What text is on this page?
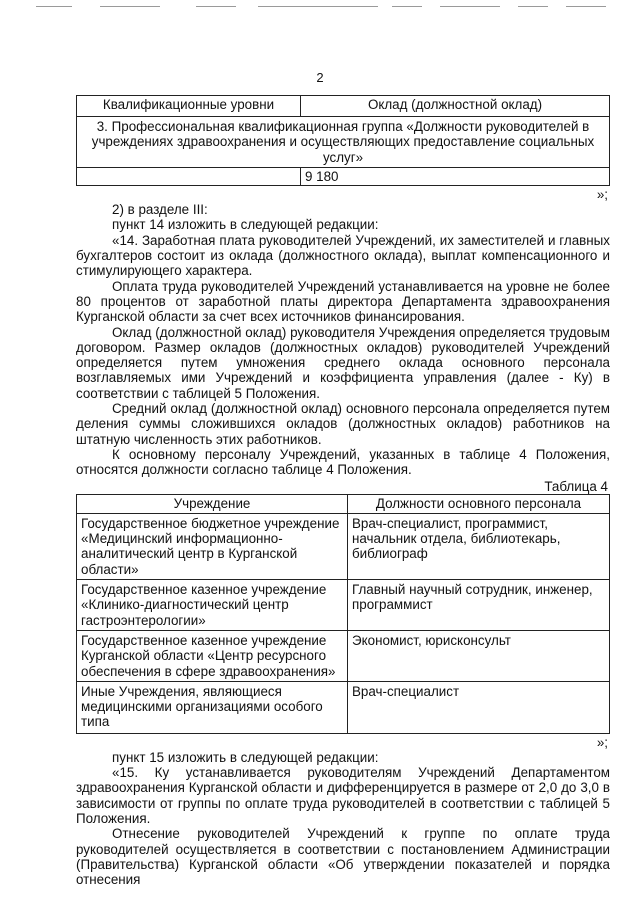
2
Квалификационные уровни	Оклад (должностной оклад)
3. Профессиональная квалификационная группа «Должности руководителей в учреждениях здравоохранения и осуществляющих предоставление социальных услуг»	
	9 180
»;

2) в разделе III:

пункт 14 изложить в следующей редакции:

«14. Заработная плата руководителей Учреждений, их заместителей и главных бухгалтеров состоит из оклада (должностного оклада), выплат компенсационного и стимулирующего характера.

Оплата труда руководителей Учреждений устанавливается на уровне не более 80 процентов от заработной платы директора Департамента здравоохранения Курганской области за счет всех источников финансирования.

Оклад (должностной оклад) руководителя Учреждения определяется трудовым договором. Размер окладов (должностных окладов) руководителей Учреждений определяется путем умножения среднего оклада основного персонала возглавляемых ими Учреждений и коэффициента управления (далее - Ку) в соответствии с таблицей 5 Положения.

Средний оклад (должностной оклад) основного персонала определяется путем деления суммы сложившихся окладов (должностных окладов) работников на штатную численность этих работников.

К основному персоналу Учреждений, указанных в таблице 4 Положения, относятся должности согласно таблице 4 Положения.

Таблица 4
Учреждение	Должности основного персонала
Государственное бюджетное учреждение «Медицинский информационно-аналитический центр в Курганской области»	Врач-специалист, программист, начальник отдела, библиотекарь, библиограф
Государственное казенное учреждение «Клинико-диагностический центр гастроэнтерологии»	Главный научный сотрудник, инженер, программист
Государственное казенное учреждение Курганской области «Центр ресурсного обеспечения в сфере здравоохранения»	Экономист, юрисконсульт
Иные Учреждения, являющиеся медицинскими организациями особого типа	Врач-специалист
»;

пункт 15 изложить в следующей редакции:

«15. Ку устанавливается руководителям Учреждений Департаментом здравоохранения Курганской области и дифференцируется в размере от 2,0 до 3,0 в зависимости от группы по оплате труда руководителей в соответствии с таблицей 5 Положения.

Отнесение руководителей Учреждений к группе по оплате труда руководителей осуществляется в соответствии с постановлением Администрации (Правительства) Курганской области «Об утверждении показателей и порядка отнесения
